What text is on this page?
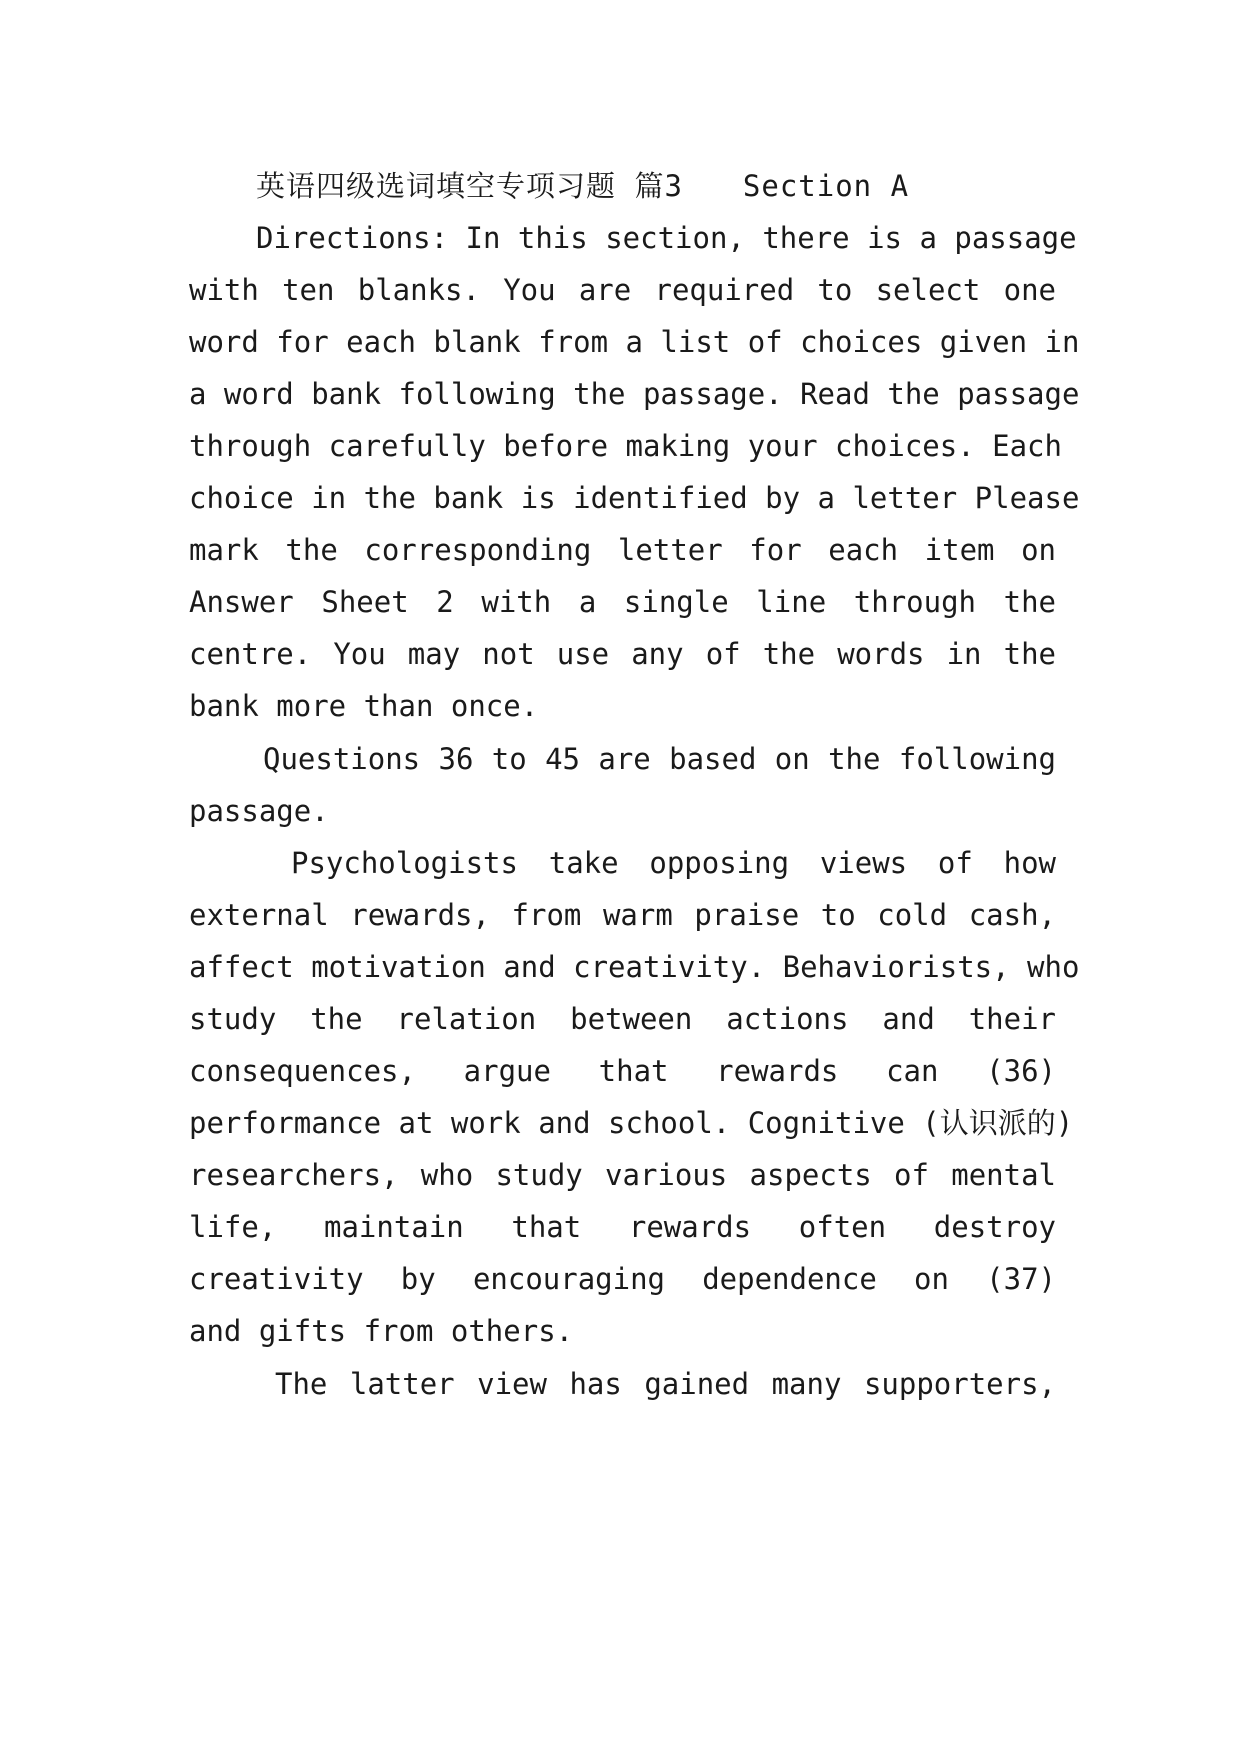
英语四级选词填空专项习题 篇3 Section A
Directions: In this section, there is a passage
with ten blanks. You are required to select one
word for each blank from a list of choices given in
a word bank following the passage. Read the passage
through carefully before making your choices. Each
choice in the bank is identified by a letter Please
mark the corresponding letter for each item on
Answer Sheet 2 with a single line through the
centre. You may not use any of the words in the
bank more than once.
Questions 36 to 45 are based on the following
passage.
Psychologists take opposing views of how
external rewards, from warm praise to cold cash,
affect motivation and creativity. Behaviorists, who
study the relation between actions and their
consequences, argue that rewards can (36)
performance at work and school. Cognitive (认识派的)
researchers, who study various aspects of mental
life, maintain that rewards often destroy
creativity by encouraging dependence on (37)
and gifts from others.
The latter view has gained many supporters,
